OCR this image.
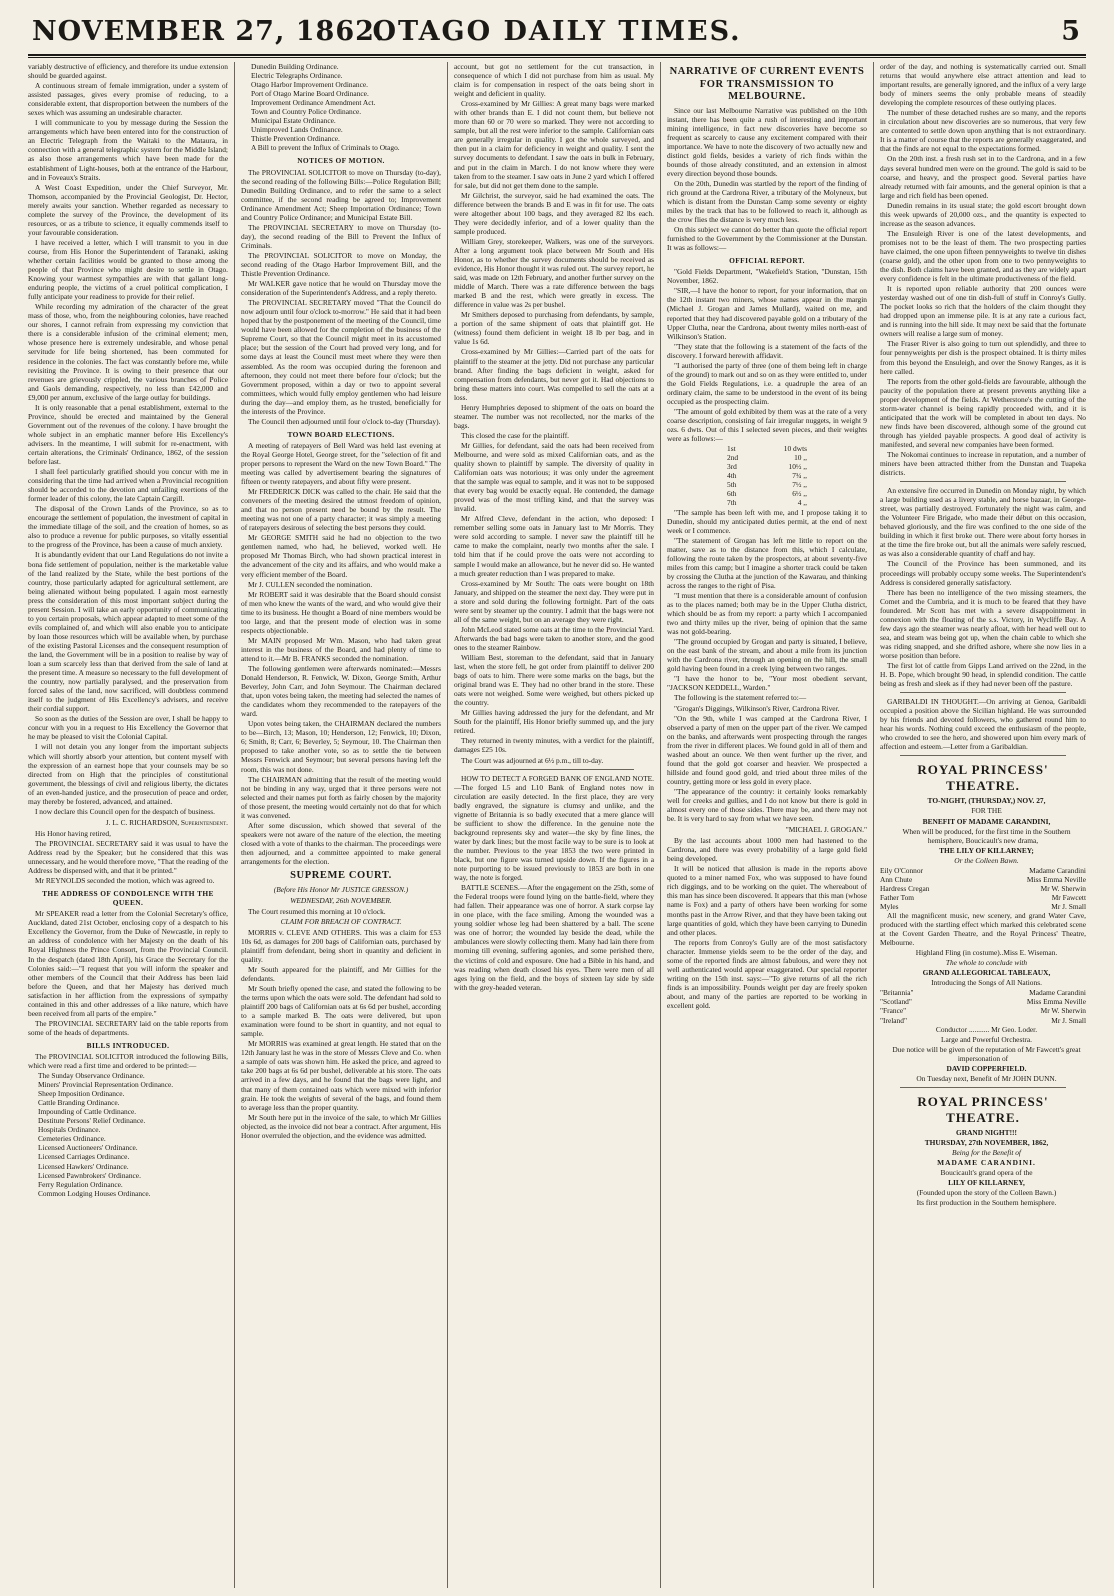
NOVEMBER 27, 1862.
OTAGO DAILY TIMES.	5

variably destructive of efficiency, and therefore its undue extension should be guarded against.

A continuous stream of female immigration, under a system of assisted passages, gives every promise of reducing, to a considerable extent, that disproportion between the numbers of the sexes which was assuming an undesirable character.

I will communicate to you by message during the Session the arrangements which have been entered into for the construction of an Electric Telegraph from the Waitaki to the Mataura, in connection with a general telegraphic system for the Middle Island; as also those arrangements which have been made for the establishment of Light-houses, both at the entrance of the Harbour, and in Foveaux's Straits.

A West Coast Expedition, under the Chief Surveyor, Mr. Thomson, accompanied by the Provincial Geologist, Dr. Hector, merely awaits your sanction. Whether regarded as necessary to complete the survey of the Province, the development of its resources, or as a tribute to science, it equally commends itself to your favourable consideration.

I have received a letter, which I will transmit to you in due course, from His Honor the Superintendent of Taranaki, asking whether certain facilities would be granted to those among the people of that Province who might desire to settle in Otago. Knowing your warmest sympathies are with that gallant long-enduring people, the victims of a cruel political complication, I fully anticipate your readiness to provide for their relief.

While recording my admiration of the character of the great mass of those, who, from the neighbouring colonies, have reached our shores, I cannot refrain from expressing my conviction that there is a considerable infusion of the criminal element; men, whose presence here is extremely undesirable, and whose penal servitude for life being shortened, has been commuted for residence in the colonies. The fact was constantly before me, while revisiting the Province. It is owing to their presence that our revenues are grievously crippled, the various branches of Police and Gaols demanding, respectively, no less than £42,000 and £9,000 per annum, exclusive of the large outlay for buildings.

It is only reasonable that a penal establishment, external to the Province, should be erected and maintained by the General Government out of the revenues of the colony. I have brought the whole subject in an emphatic manner before His Excellency's advisers. In the meantime, I will submit for re-enactment, with certain alterations, the Criminals' Ordinance, 1862, of the session before last.

I shall feel particularly gratified should you concur with me in considering that the time had arrived when a Provincial recognition should be accorded to the devotion and unfailing exertions of the former leader of this colony, the late Captain Cargill.

The disposal of the Crown Lands of the Province, so as to encourage the settlement of population, the investment of capital in the immediate tillage of the soil, and the creation of homes, so as also to produce a revenue for public purposes, so vitally essential to the progress of the Province, has been a cause of much anxiety.

It is abundantly evident that our Land Regulations do not invite a bona fide settlement of population, neither is the marketable value of the land realized by the State, while the best portions of the country, those particularly adapted for agricultural settlement, are being alienated without being populated. I again most earnestly press the consideration of this most important subject during the present Session. I will take an early opportunity of communicating to you certain proposals, which appear adapted to meet some of the evils complained of, and which will also enable you to anticipate by loan those resources which will be available when, by purchase of the existing Pastoral Licenses and the consequent resumption of the land, the Government will be in a position to realise by way of loan a sum scarcely less than that derived from the sale of land at the present time. A measure so necessary to the full development of the country, now partially paralysed, and the preservation from forced sales of the land, now sacrificed, will doubtless commend itself to the judgment of His Excellency's advisers, and receive their cordial support.

So soon as the duties of the Session are over, I shall be happy to concur with you in a request to His Excellency the Governor that he may be pleased to visit the Colonial Capital.

I will not detain you any longer from the important subjects which will shortly absorb your attention, but content myself with the expression of an earnest hope that your counsels may be so directed from on High that the principles of constitutional government, the blessings of civil and religious liberty, the dictates of an even-handed justice, and the prosecution of peace and order, may thereby be fostered, advanced, and attained.

I now declare this Council open for the despatch of business.

J. L. C. RICHARDSON, Superintendent.

His Honor having retired,

The PROVINCIAL SECRETARY said it was usual to have the Address read by the Speaker; but he considered that this was unnecessary, and he would therefore move, "That the reading of the Address be dispensed with, and that it be printed."

Mr REYNOLDS seconded the motion, which was agreed to.

THE ADDRESS OF CONDOLENCE WITH THE QUEEN.

Mr SPEAKER read a letter from the Colonial Secretary's office, Auckland, dated 21st October, enclosing copy of a despatch to his Excellency the Governor, from the Duke of Newcastle, in reply to an address of condolence with her Majesty on the death of his Royal Highness the Prince Consort, from the Provincial Council. In the despatch (dated 18th April), his Grace the Secretary for the Colonies said:—"I request that you will inform the speaker and other members of the Council that their Address has been laid before the Queen, and that her Majesty has derived much satisfaction in her affliction from the expressions of sympathy contained in this and other addresses of a like nature, which have been received from all parts of the empire."

The PROVINCIAL SECRETARY laid on the table reports from some of the heads of departments.

BILLS INTRODUCED.

The PROVINCIAL SOLICITOR introduced the following Bills, which were read a first time and ordered to be printed:—

The Sunday Observance Ordinance.

Miners' Provincial Representation Ordinance.

Sheep Imposition Ordinance.

Cattle Branding Ordinance.

Impounding of Cattle Ordinance.

Destitute Persons' Relief Ordinance.

Hospitals Ordinance.

Cemeteries Ordinance.

Licensed Auctioneers' Ordinance.

Licensed Carriages Ordinance.

Licensed Hawkers' Ordinance.

Licensed Pawnbrokers' Ordinance.

Ferry Regulation Ordinance.

Common Lodging Houses Ordinance.

Dunedin Building Ordinance.

Electric Telegraphs Ordinance.

Otago Harbor Improvement Ordinance.

Port of Otago Marine Board Ordinance.

Improvement Ordinance Amendment Act.

Town and Country Police Ordinance.

Municipal Estate Ordinance.

Unimproved Lands Ordinance.

Thistle Prevention Ordinance.

A Bill to prevent the Influx of Criminals to Otago.

NOTICES OF MOTION.

The PROVINCIAL SOLICITOR to move on Thursday (to-day), the second reading of the following Bills:—Police Regulation Bill; Dunedin Building Ordinance, and to refer the same to a select committee, if the second reading be agreed to; Improvement Ordinance Amendment Act; Sheep Importation Ordinance; Town and Country Police Ordinance; and Municipal Estate Bill.

The PROVINCIAL SECRETARY to move on Thursday (to-day), the second reading of the Bill to Prevent the Influx of Criminals.

The PROVINCIAL SOLICITOR to move on Monday, the second reading of the Otago Harbor Improvement Bill, and the Thistle Prevention Ordinance.

Mr WALKER gave notice that he would on Thursday move the consideration of the Superintendent's Address, and a reply thereto.

The PROVINCIAL SECRETARY moved "That the Council do now adjourn until four o'clock to-morrow." He said that it had been hoped that by the postponement of the meeting of the Council, time would have been allowed for the completion of the business of the Supreme Court, so that the Council might meet in its accustomed place; but the session of the Court had proved very long, and for some days at least the Council must meet where they were then assembled. As the room was occupied during the forenoon and afternoon, they could not meet there before four o'clock; but the Government proposed, within a day or two to appoint several committees, which would fully employ gentlemen who had leisure during the day—and employ them, as he trusted, beneficially for the interests of the Province.

The Council then adjourned until four o'clock to-day (Thursday).

TOWN BOARD ELECTIONS.

A meeting of ratepayers of Bell Ward was held last evening at the Royal George Hotel, George street, for the "selection of fit and proper persons to represent the Ward on the new Town Board." The meeting was called by advertisement bearing the signatures of fifteen or twenty ratepayers, and about fifty were present.

Mr FREDERICK DICK was called to the chair. He said that the conveners of the meeting desired the utmost freedom of opinion, and that no person present need be bound by the result. The meeting was not one of a party character; it was simply a meeting of ratepayers desirous of selecting the best persons they could.

Mr GEORGE SMITH said he had no objection to the two gentlemen named, who had, he believed, worked well. He proposed Mr Thomas Birch, who had shown practical interest in the advancement of the city and its affairs, and who would make a very efficient member of the Board.

Mr J. CULLEN seconded the nomination.

Mr ROBERT said it was desirable that the Board should consist of men who knew the wants of the ward, and who would give their time to its business. He thought a Board of nine members would be too large, and that the present mode of election was in some respects objectionable.

Mr MAIN proposed Mr Wm. Mason, who had taken great interest in the business of the Board, and had plenty of time to attend to it.—Mr B. FRANKS seconded the nomination.

The following gentlemen were afterwards nominated:—Messrs Donald Henderson, R. Fenwick, W. Dixon, George Smith, Arthur Beverley, John Carr, and John Seymour. The Chairman declared that, upon votes being taken, the meeting had selected the names of the candidates whom they recommended to the ratepayers of the ward.

Upon votes being taken, the CHAIRMAN declared the numbers to be—Birch, 13; Mason, 10; Henderson, 12; Fenwick, 10; Dixon, 6; Smith, 8; Carr, 6; Beverley, 5; Seymour, 10. The Chairman then proposed to take another vote, so as to settle the tie between Messrs Fenwick and Seymour; but several persons having left the room, this was not done.

The CHAIRMAN admitting that the result of the meeting would not be binding in any way, urged that it three persons were not selected and their names put forth as fairly chosen by the majority of those present, the meeting would certainly not do that for which it was convened.

After some discussion, which showed that several of the speakers were not aware of the nature of the election, the meeting closed with a vote of thanks to the chairman. The proceedings were then adjourned, and a committee appointed to make general arrangements for the election.

SUPREME COURT.
(Before His Honor Mr JUSTICE GRESSON.)
WEDNESDAY, 26th NOVEMBER.

The Court resumed this morning at 10 o'clock.

CLAIM FOR BREACH OF CONTRACT.

MORRIS v. CLEVE AND OTHERS. This was a claim for £53 10s 6d, as damages for 200 bags of Californian oats, purchased by plaintiff from defendant, being short in quantity and deficient in quality.

Mr South appeared for the plaintiff, and Mr Gillies for the defendants.

Mr South briefly opened the case, and stated the following to be the terms upon which the oats were sold. The defendant had sold to plaintiff 200 bags of Californian oats at 6s 6d per bushel, according to a sample marked B. The oats were delivered, but upon examination were found to be short in quantity, and not equal to sample.

Mr MORRIS was examined at great length. He stated that on the 12th January last he was in the store of Messrs Cleve and Co. when a sample of oats was shown him. He asked the price, and agreed to take 200 bags at 6s 6d per bushel, deliverable at his store. The oats arrived in a few days, and he found that the bags were light, and that many of them contained oats which were mixed with inferior grain. He took the weights of several of the bags, and found them to average less than the proper quantity.

Mr South here put in the invoice of the sale, to which Mr Gillies objected, as the invoice did not bear a contract. After argument, His Honor overruled the objection, and the evidence was admitted.

account, but got no settlement for the cut transaction, in consequence of which I did not purchase from him as usual. My claim is for compensation in respect of the oats being short in weight and deficient in quality.

Cross-examined by Mr Gillies: A great many bags were marked with other brands than E. I did not count them, but believe not more than 60 or 70 were so marked. They were not according to sample, but all the rest were inferior to the sample. Californian oats are generally irregular in quality. I got the whole surveyed, and then put in a claim for deficiency in weight and quality. I sent the survey documents to defendant. I saw the oats in bulk in February, and put in the claim in March. I do not know where they were taken from to the steamer. I saw oats in June 2 yard which I offered for sale, but did not get them done to the sample.

Mr Gilchrist, the surveyor, said he had examined the oats. The difference between the brands B and E was in fit for use. The oats were altogether about 100 bags, and they averaged 82 lbs each. They were decidedly inferior, and of a lower quality than the sample produced.

William Grey, storekeeper, Walkers, was one of the surveyors. After a long argument took place between Mr South and His Honor, as to whether the survey documents should be received as evidence, His Honor thought it was ruled out. The survey report, he said, was made on 12th February, and another further survey on the middle of March. There was a rate difference between the bags marked B and the rest, which were greatly in excess. The difference in value was 2s per bushel.

Mr Smithers deposed to purchasing from defendants, by sample, a portion of the same shipment of oats that plaintiff got. He (witness) found them deficient in weight 18 lb per bag, and in value 1s 6d.

Cross-examined by Mr Gillies:—Carried part of the oats for plaintiff to the steamer at the jetty. Did not purchase any particular brand. After finding the bags deficient in weight, asked for compensation from defendants, but never got it. Had objections to bring these matters into court. Was compelled to sell the oats at a loss.

Henry Humphries deposed to shipment of the oats on board the steamer. The number was not recollected, nor the marks of the bags.

This closed the case for the plaintiff.

Mr Gillies, for defendant, said the oats had been received from Melbourne, and were sold as mixed Californian oats, and as the quality shown to plaintiff by sample. The diversity of quality in Californian oats was notorious; it was only under the agreement that the sample was equal to sample, and it was not to be supposed that every bag would be exactly equal. He contended, the damage proved was of the most trifling kind, and that the survey was invalid.

Mr Alfred Cleve, defendant in the action, who deposed: I remember selling some oats in January last to Mr Morris. They were sold according to sample. I never saw the plaintiff till he came to make the complaint, nearly two months after the sale. I told him that if he could prove the oats were not according to sample I would make an allowance, but he never did so. He wanted a much greater reduction than I was prepared to make.

Cross-examined by Mr South: The oats were bought on 18th January, and shipped on the steamer the next day. They were put in a store and sold during the following fortnight. Part of the oats were sent by steamer up the country. I admit that the bags were not all of the same weight, but on an average they were right.

John McLeod stated some oats at the time to the Provincial Yard. Afterwards the bad bags were taken to another store, and the good ones to the steamer Rainbow.

William Best, storeman to the defendant, said that in January last, when the store fell, he got order from plaintiff to deliver 200 bags of oats to him. There were some marks on the bags, but the original brand was E. They had no other brand in the store. These oats were not weighed. Some were weighed, but others picked up the country.

Mr Gillies having addressed the jury for the defendant, and Mr South for the plaintiff, His Honor briefly summed up, and the jury retired.

They returned in twenty minutes, with a verdict for the plaintiff, damages £25 10s.

The Court was adjourned at 6½ p.m., till to-day.

HOW TO DETECT A FORGED BANK OF ENGLAND NOTE.—The forged L5 and L10 Bank of England notes now in circulation are easily detected. In the first place, they are very badly engraved, the signature is clumsy and unlike, and the vignette of Britannia is so badly executed that a mere glance will be sufficient to show the difference. In the genuine note the background represents sky and water—the sky by fine lines, the water by dark lines; but the most facile way to be sure is to look at the number. Previous to the year 1853 the two were printed in black, but one figure was turned upside down. If the figures in a note purporting to be issued previously to 1853 are both in one way, the note is forged.

BATTLE SCENES.—After the engagement on the 25th, some of the Federal troops were found lying on the battle-field, where they had fallen. Their appearance was one of horror. A stark corpse lay in one place, with the face smiling. Among the wounded was a young soldier whose leg had been shattered by a ball. The scene was one of horror; the wounded lay beside the dead, while the ambulances were slowly collecting them. Many had lain there from morning till evening, suffering agonies, and some perished there, the victims of cold and exposure. One had a Bible in his hand, and was reading when death closed his eyes. There were men of all ages lying on the field, and the boys of sixteen lay side by side with the grey-headed veteran.

NARRATIVE OF CURRENT EVENTS FOR TRANSMISSION TO MELBOURNE.

Since our last Melbourne Narrative was published on the 10th instant, there has been quite a rush of interesting and important mining intelligence, in fact new discoveries have become so frequent as scarcely to cause any excitement compared with their importance. We have to note the discovery of two actually new and distinct gold fields, besides a variety of rich finds within the bounds of those already constituted, and an extension in almost every direction beyond those bounds.

On the 20th, Dunedin was startled by the report of the finding of rich ground at the Cardrona River, a tributary of the Molyneux, but which is distant from the Dunstan Camp some seventy or eighty miles by the track that has to be followed to reach it, although as the crow flies the distance is very much less.

On this subject we cannot do better than quote the official report furnished to the Government by the Commissioner at the Dunstan. It was as follows:—

OFFICIAL REPORT.

"Gold Fields Department, "Wakefield's Station, "Dunstan, 15th November, 1862.

"SIR,—I have the honor to report, for your information, that on the 12th instant two miners, whose names appear in the margin (Michael J. Grogan and James Mullard), waited on me, and reported that they had discovered payable gold on a tributary of the Upper Clutha, near the Cardrona, about twenty miles north-east of Wilkinson's Station.

"They state that the following is a statement of the facts of the discovery. I forward herewith affidavit.

"I authorised the party of three (one of them being left in charge of the ground) to mark out and so on as they were entitled to, under the Gold Fields Regulations, i.e. a quadruple the area of an ordinary claim, the same to be understood in the event of its being occupied as the prospecting claim.

"The amount of gold exhibited by them was at the rate of a very coarse description, consisting of fair irregular nuggets, in weight 9 ozs. 6 dwts. Out of this I selected seven pieces, and their weights were as follows:—

1st	10 dwts
2nd	10 ,,
3rd	10½ ,,
4th	7¾ ,,
5th	7½ ,,
6th	6½ ,,
7th	4 ,,

"The sample has been left with me, and I propose taking it to Dunedin, should my anticipated duties permit, at the end of next week or I commence.

"The statement of Grogan has left me little to report on the matter, save as to the distance from this, which I calculate, following the route taken by the prospectors, at about seventy-five miles from this camp; but I imagine a shorter track could be taken by crossing the Clutha at the junction of the Kawarau, and thinking across the ranges to the right of Pisa.

"I must mention that there is a considerable amount of confusion as to the places named; both may be in the Upper Clutha district, which should be as from my report: a party which I accompanied two and thirty miles up the river, being of opinion that the same was not gold-bearing.

"The ground occupied by Grogan and party is situated, I believe, on the east bank of the stream, and about a mile from its junction with the Cardrona river, through an opening on the hill, the small gold having been found in a creek lying between two ranges.

"I have the honor to be, "Your most obedient servant, "JACKSON KEDDELL, Warden."

The following is the statement referred to:—

"Grogan's Diggings, Wilkinson's River, Cardrona River.

"On the 9th, while I was camped at the Cardrona River, I observed a party of men on the upper part of the river. We camped on the banks, and afterwards went prospecting through the ranges from the river in different places. We found gold in all of them and washed about an ounce. We then went further up the river, and found that the gold got coarser and heavier. We prospected a hillside and found good gold, and tried about three miles of the country, getting more or less gold in every place.

"The appearance of the country: it certainly looks remarkably well for creeks and gullies, and I do not know but there is gold in almost every one of those sides. There may be, and there may not be. It is very hard to say from what we have seen.

"MICHAEL J. GROGAN."

By the last accounts about 1000 men had hastened to the Cardrona, and there was every probability of a large gold field being developed.

It will be noticed that allusion is made in the reports above quoted to a miner named Fox, who was supposed to have found rich diggings, and to be working on the quiet. The whereabout of this man has since been discovered. It appears that this man (whose name is Fox) and a party of others have been working for some months past in the Arrow River, and that they have been taking out large quantities of gold, which they have been carrying to Dunedin and other places.

The reports from Conroy's Gully are of the most satisfactory character. Immense yields seem to be the order of the day, and some of the reported finds are almost fabulous, and were they not well authenticated would appear exaggerated. Our special reporter writing on the 15th inst. says:—"To give returns of all the rich finds is an impossibility. Pounds weight per day are freely spoken about, and many of the parties are reported to be working in excellent gold.

order of the day, and nothing is systematically carried out. Small returns that would anywhere else attract attention and lead to important results, are generally ignored, and the influx of a very large body of miners seems the only probable means of steadily developing the complete resources of these outlying places.

The number of these detached rushes are so many, and the reports in circulation about new discoveries are so numerous, that very few are contented to settle down upon anything that is not extraordinary. It is a matter of course that the reports are generally exaggerated, and that the finds are not equal to the expectations formed.

On the 20th inst. a fresh rush set in to the Cardrona, and in a few days several hundred men were on the ground. The gold is said to be coarse, and heavy, and the prospect good. Several parties have already returned with fair amounts, and the general opinion is that a large and rich field has been opened.

Dunedin remains in its usual state; the gold escort brought down this week upwards of 20,000 ozs., and the quantity is expected to increase as the season advances.

The Ensuleigh River is one of the latest developments, and promises not to be the least of them. The two prospecting parties have claimed, the one upon fifteen pennyweights to twelve tin dishes (coarse gold), and the other upon from one to two pennyweights to the dish. Both claims have been granted, and as they are widely apart every confidence is felt in the ultimate productiveness of the field.

It is reported upon reliable authority that 200 ounces were yesterday washed out of one tin dish-full of stuff in Conroy's Gully. The pocket looks so rich that the holders of the claim thought they had dropped upon an immense pile. It is at any rate a curious fact, and is running into the hill side. It may next be said that the fortunate owners will realise a large sum of money.

The Fraser River is also going to turn out splendidly, and three to four pennyweights per dish is the prospect obtained. It is thirty miles from this beyond the Ensuleigh, and over the Snowy Ranges, as it is here called.

The reports from the other gold-fields are favourable, although the paucity of the population there at present prevents anything like a proper development of the fields. At Wetherstone's the cutting of the storm-water channel is being rapidly proceeded with, and it is anticipated that the work will be completed in about ten days. No new finds have been discovered, although some of the ground cut through has yielded payable prospects. A good deal of activity is manifested, and several new companies have been formed.

The Nokomai continues to increase in reputation, and a number of miners have been attracted thither from the Dunstan and Tuapeka districts.

An extensive fire occurred in Dunedin on Monday night, by which a large building used as a livery stable, and horse bazaar, in George-street, was partially destroyed. Fortunately the night was calm, and the Volunteer Fire Brigade, who made their début on this occasion, behaved gloriously, and the fire was confined to the one side of the building in which it first broke out. There were about forty horses in at the time the fire broke out, but all the animals were safely rescued, as was also a considerable quantity of chaff and hay.

The Council of the Province has been summoned, and its proceedings will probably occupy some weeks. The Superintendent's Address is considered generally satisfactory.

There has been no intelligence of the two missing steamers, the Comet and the Cumbria, and it is much to be feared that they have foundered. Mr Scott has met with a severe disappointment in connexion with the floating of the s.s. Victory, in Wycliffe Bay. A few days ago the steamer was nearly afloat, with her head well out to sea, and steam was being got up, when the chain cable to which she was riding snapped, and she drifted ashore, where she now lies in a worse position than before.

The first lot of cattle from Gipps Land arrived on the 22nd, in the H. B. Pope, which brought 90 head, in splendid condition. The cattle being as fresh and sleek as if they had never been off the pasture.

GARIBALDI IN THOUGHT.—On arriving at Genoa, Garibaldi occupied a position above the Sicilian highland. He was surrounded by his friends and devoted followers, who gathered round him to hear his words. Nothing could exceed the enthusiasm of the people, who crowded to see the hero, and showered upon him every mark of affection and esteem.—Letter from a Garibaldian.

ROYAL PRINCESS' THEATRE.

TO-NIGHT, (THURSDAY,) NOV. 27,

FOR THE

BENEFIT OF MADAME CARANDINI,

When will be produced, for the first time in the Southern hemisphere, Boucicault's new drama,

THE LILY OF KILLARNEY;

Or the Colleen Bawn.

Eily O'Connor	Madame Carandini
Ann Chute	Miss Emma Neville
Hardress Cregan	Mr W. Sherwin
Father Tom	Mr Fawcett
Myles	Mr J. Small

All the magnificent music, new scenery, and grand Water Cave, produced with the startling effect which marked this celebrated scene at the Covent Garden Theatre, and the Royal Princess' Theatre, Melbourne.

Highland Fling (in costume)..Miss E. Wiseman.

The whole to conclude with

GRAND ALLEGORICAL TABLEAUX,

Introducing the Songs of All Nations.

"Britannia"	Madame Carandini
"Scotland"	Miss Emma Neville
"France"	Mr W. Sherwin
"Ireland"	Mr J. Small

Conductor ........... Mr Geo. Loder.

Large and Powerful Orchestra.

Due notice will be given of the reputation of Mr Fawcett's great impersonation of

DAVID COPPERFIELD.

On Tuesday next, Benefit of Mr JOHN DUNN.

ROYAL PRINCESS' THEATRE.

GRAND NIGHT!!!

THURSDAY, 27th NOVEMBER, 1862,

Being for the Benefit of

MADAME CARANDINI.

Boucicault's grand opera of the

LILY OF KILLARNEY,

(Founded upon the story of the Colleen Bawn.)

Its first production in the Southern hemisphere.
